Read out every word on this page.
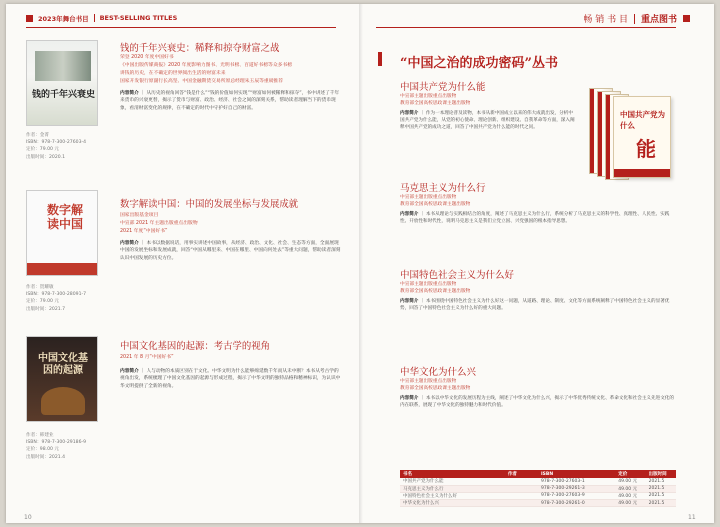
2023年舞台书目 BEST-SELLING TITLES	畅 销 书 目 重点图书
钱的千年兴衰史
作者：金菁
ISBN：978-7-300-27603-4
定价：79.00 元
出版时间：2020.1
钱的千年兴衰史：稀释和掠夺财富之战
荣登 2020 年度中国好书
《中国出版传媒商报》2020 年度影响力图书、光明书榜、百道好书榜等众多书榜
讲钱的历史，在不确定的世界阅出生活的财富未来
国家开发银行原副行长高坚、中国金融期货交易所原总经理朱玉辰等重磅推荐
内容简介 ｜ 从历史的视角回答“钱是什么”“钱的价值如何实现”“财富如何被稀释和掠夺”，书中讲述了千年来货币的兴衰更替，揭示了货币与财富、政治、经济、社会之间的深刻关系，帮助读者理解当下的货币现象，看清财富变化的规律，在不确定的时代中守护好自己的财富。
数字解读中国
作者：贺耀敏
ISBN：978-7-300-28091-7
定价：79.00 元
出版时间：2021.7
数字解读中国：中国的发展坐标与发展成就
国家出版基金项目
中宣部 2021 年主题出版重点出版物
2021 年度“中国好书”
内容简介 ｜ 本书以数据说话，用事实讲述中国故事，从经济、政治、文化、社会、生态等方面，全面展现中国的发展坐标和发展成就，回答“中国从哪里来、中国在哪里、中国向何处去”等重大问题，帮助读者深刻认识中国发展的历史方位。
中国文化基因的起源
作者：韩建业
ISBN：978-7-300-29186-9
定价：98.00 元
出版时间：2021.4
中国文化基因的起源：考古学的视角
2021 年 8 月“中国好书”
内容简介 ｜ 人与动物的本质区别在于文化。中华文明为什么能够绵延数千年而从未中断？本书从考古学的视角出发，系统梳理了中国文化基因的起源与形成过程，揭示了中华文明的独特品格和精神标识，为认识中华文明提供了全新的视角。
10
“中国之治的成功密码”丛书
中国共产党为什么
能
中国共产党为什么能
中宣部主题出版重点出版物
教育部全国高校思政课主题出版物
内容简介 ｜ 作为一本理论普及读物，本书从新中国成立以来的伟大成就出发，分析中国共产党为什么能，从党的初心使命、理论创新、组织建设、自我革命等方面，深入阐释中国共产党的成功之道，回答了中国共产党为什么能的时代之问。
马克思主义为什么行
中宣部主题出版重点出版物
教育部全国高校思政课主题出版物
内容简介 ｜ 本书从理论与实践相结合的角度，阐述了马克思主义为什么行，系统分析了马克思主义的科学性、真理性、人民性、实践性、开放性和时代性，说明马克思主义是我们立党立国、兴党强国的根本指导思想。
中国特色社会主义为什么好
中宣部主题出版重点出版物
教育部全国高校思政课主题出版物
内容简介 ｜ 本书围绕中国特色社会主义为什么好这一问题，从道路、理论、制度、文化等方面系统阐释了中国特色社会主义的显著优势，回答了中国特色社会主义为什么好的重大问题。
中华文化为什么兴
中宣部主题出版重点出版物
教育部全国高校思政课主题出版物
内容简介 ｜ 本书以中华文化的发展历程为主线，阐述了中华文化为什么兴，揭示了中华优秀传统文化、革命文化和社会主义先进文化的内在联系，展现了中华文化的独特魅力和时代价值。
书名	作者	ISBN	定价	出版时间
中国共产党为什么能		978-7-300-27603-1	49.00 元	2021.5
马克思主义为什么行		978-7-300-29261-3	49.00 元	2021.5
中国特色社会主义为什么好		978-7-300-27603-9	49.00 元	2021.5
中华文化为什么兴		978-7-300-29261-0	49.00 元	2021.5
11
